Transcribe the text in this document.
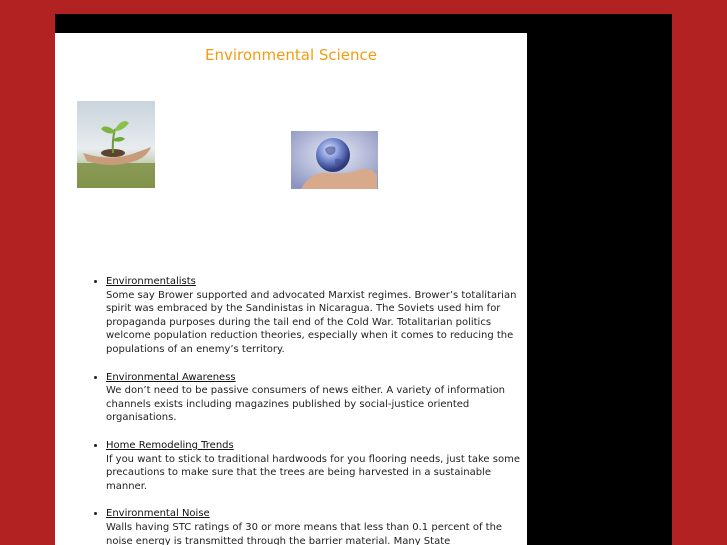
Environmental Science
• Environmentalists
Some say Brower supported and advocated Marxist regimes. Brower’s totalitarian spirit was embraced by the Sandinistas in Nicaragua. The Soviets used him for propaganda purposes during the tail end of the Cold War. Totalitarian politics welcome population reduction theories, especially when it comes to reducing the populations of an enemy’s territory.
• Environmental Awareness
We don’t need to be passive consumers of news either. A variety of information channels exists including magazines published by social-justice oriented organisations.
• Home Remodeling Trends
If you want to stick to traditional hardwoods for you flooring needs, just take some precautions to make sure that the trees are being harvested in a sustainable manner.
• Environmental Noise
Walls having STC ratings of 30 or more means that less than 0.1 percent of the noise energy is transmitted through the barrier material. Many State
